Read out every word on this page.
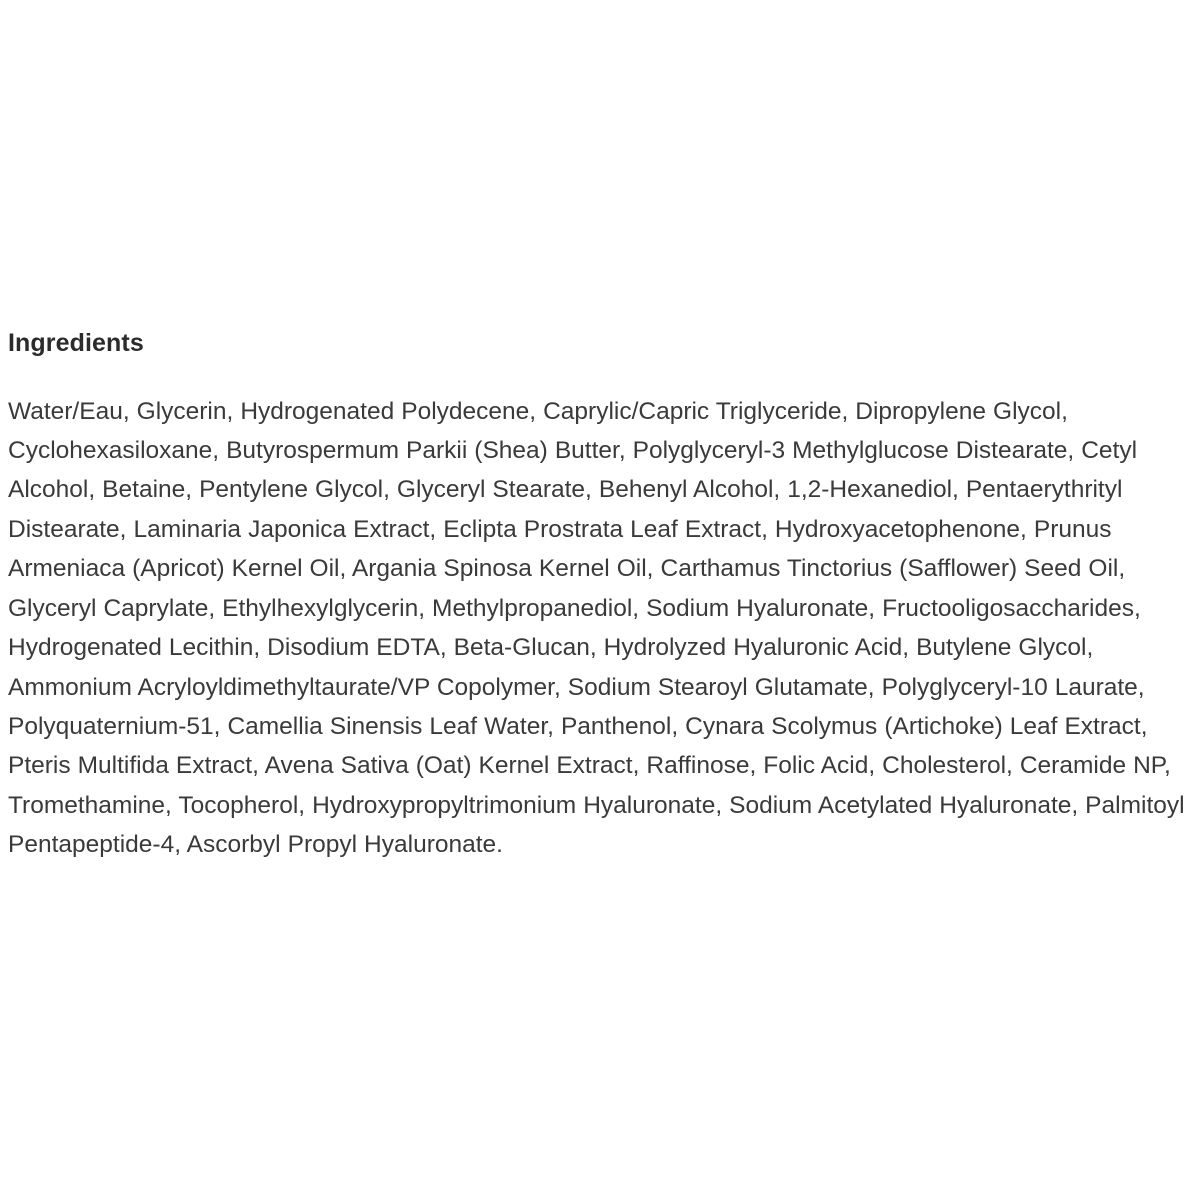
Ingredients

Water/Eau, Glycerin, Hydrogenated Polydecene, Caprylic/Capric Triglyceride, Dipropylene Glycol, Cyclohexasiloxane, Butyrospermum Parkii (Shea) Butter, Polyglyceryl-3 Methylglucose Distearate, Cetyl Alcohol, Betaine, Pentylene Glycol, Glyceryl Stearate, Behenyl Alcohol, 1,2-Hexanediol, Pentaerythrityl Distearate, Laminaria Japonica Extract, Eclipta Prostrata Leaf Extract, Hydroxyacetophenone, Prunus Armeniaca (Apricot) Kernel Oil, Argania Spinosa Kernel Oil, Carthamus Tinctorius (Safflower) Seed Oil, Glyceryl Caprylate, Ethylhexylglycerin, Methylpropanediol, Sodium Hyaluronate, Fructooligosaccharides, Hydrogenated Lecithin, Disodium EDTA, Beta-Glucan, Hydrolyzed Hyaluronic Acid, Butylene Glycol, Ammonium Acryloyldimethyltaurate/VP Copolymer, Sodium Stearoyl Glutamate, Polyglyceryl-10 Laurate, Polyquaternium-51, Camellia Sinensis Leaf Water, Panthenol, Cynara Scolymus (Artichoke) Leaf Extract, Pteris Multifida Extract, Avena Sativa (Oat) Kernel Extract, Raffinose, Folic Acid, Cholesterol, Ceramide NP, Tromethamine, Tocopherol, Hydroxypropyltrimonium Hyaluronate, Sodium Acetylated Hyaluronate, Palmitoyl Pentapeptide-4, Ascorbyl Propyl Hyaluronate.
